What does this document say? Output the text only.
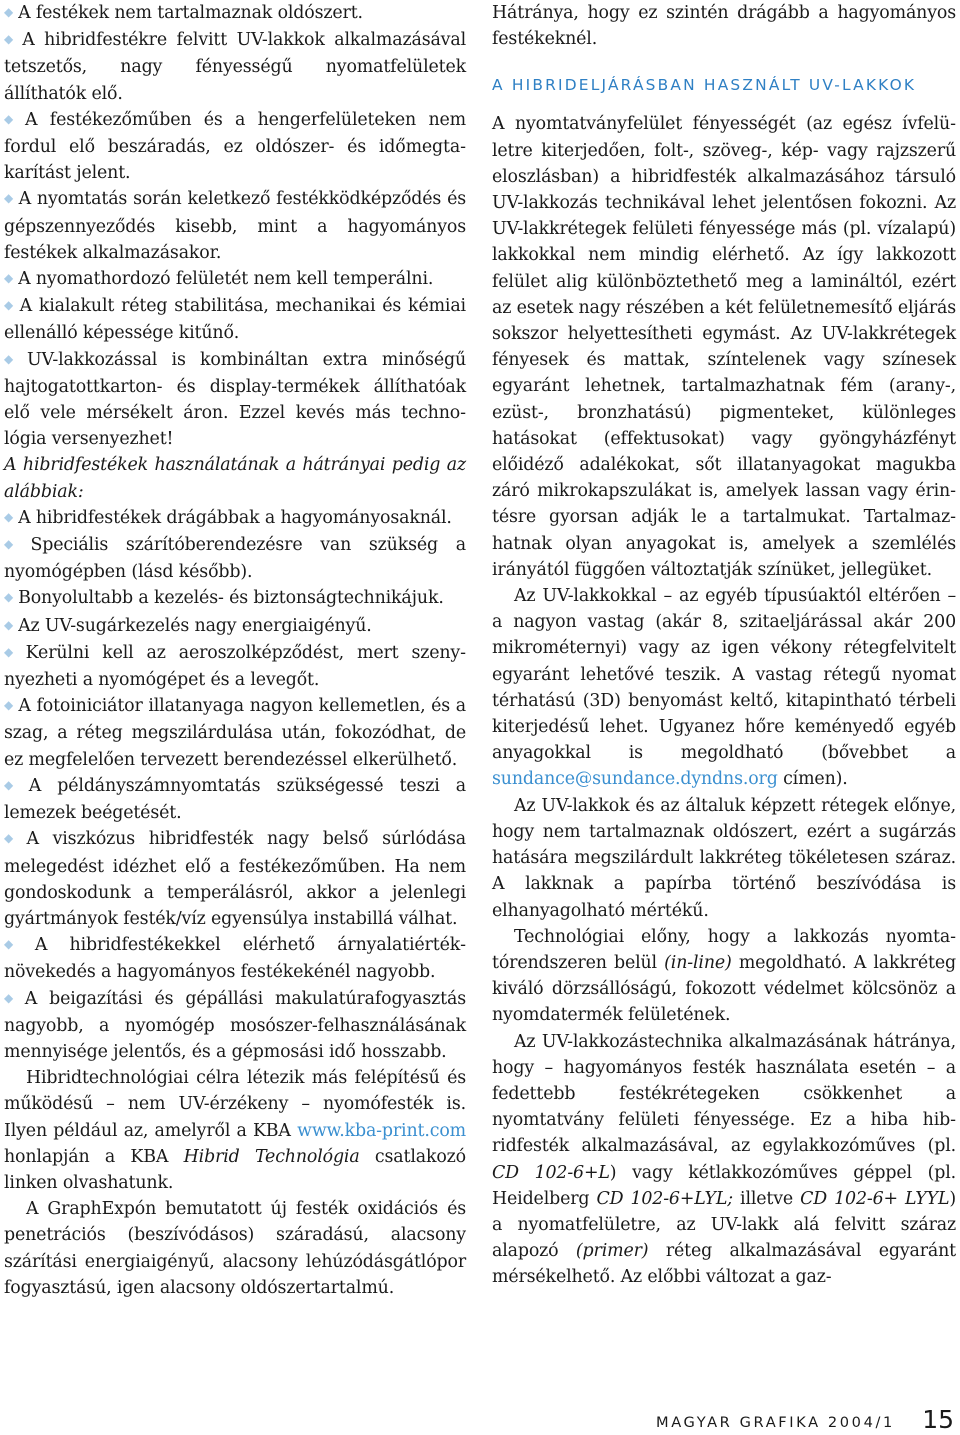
◆ A festékek nem tartalmaznak oldószert.

◆ A hibridfestékre felvitt UV-lakkok alkalmazásával tetszetős, nagy fényességű nyomatfelületek állíthatók elő.

◆ A festékezőműben és a hengerfelületeken nem fordul elő beszáradás, ez oldószer- és időmegtakarítást jelent.

◆ A nyomtatás során keletkező festékködképződés és gépszennyeződés kisebb, mint a hagyományos festékek alkalmazásakor.

◆ A nyomathordozó felületét nem kell temperálni.

◆ A kialakult réteg stabilitása, mechanikai és kémiai ellenálló képessége kitűnő.

◆ UV-lakkozással is kombináltan extra minőségű hajtogatottkarton- és display-termékek állíthatóak elő vele mérsékelt áron. Ezzel kevés más technológia versenyezhet!

A hibridfestékek használatának a hátrányai pedig az alábbiak:

◆ A hibridfestékek drágábbak a hagyományosaknál.

◆ Speciális szárítóberendezésre van szükség a nyomógépben (lásd később).

◆ Bonyolultabb a kezelés- és biztonságtechnikájuk.

◆ Az UV-sugárkezelés nagy energiaigényű.

◆ Kerülni kell az aeroszolképződést, mert szenynyezheti a nyomógépet és a levegőt.

◆ A fotoiniciátor illatanyaga nagyon kellemetlen, és a szag, a réteg megszilárdulása után, fokozódhat, de ez megfelelően tervezett berendezéssel elkerülhető.

◆ A példányszámnyomtatás szükségessé teszi a lemezek beégetését.

◆ A viszkózus hibridfesték nagy belső súrlódása melegedést idézhet elő a festékezőműben. Ha nem gondoskodunk a temperálásról, akkor a jelenlegi gyártmányok festék/víz egyensúlya instabillá válhat.

◆ A hibridfestékekkel elérhető árnyalatiértéknövekedés a hagyományos festékekénél nagyobb.

◆ A beigazítási és gépállási makulatúrafogyasztás nagyobb, a nyomógép mosószer-felhasználásának mennyisége jelentős, és a gépmosási idő hosszabb.

Hibridtechnológiai célra létezik más felépítésű és működésű – nem UV-érzékeny – nyomófesték is. Ilyen például az, amelyről a KBA www.kba-print.com honlapján a KBA Hibrid Technológia csatlakozó linken olvashatunk.

A GraphExpón bemutatott új festék oxidációs és penetrációs (beszívódásos) száradású, alacsony szárítási energiaigényű, alacsony lehúzódásgátlópor fogyasztású, igen alacsony oldószertartalmú.

Hátránya, hogy ez szintén drágább a hagyományos festékeknél.

A HIBRIDELJÁRÁSBAN HASZNÁLT UV-LAKKOK

A nyomtatványfelület fényességét (az egész ívfelületre kiterjedően, folt-, szöveg-, kép- vagy rajzszerű eloszlásban) a hibridfesték alkalmazásához társuló UV-lakkozás technikával lehet jelentősen fokozni. Az UV-lakkrétegek felületi fényessége más (pl. vízalapú) lakkokkal nem mindig elérhető. Az így lakkozott felület alig különböztethető meg a lamináltól, ezért az esetek nagy részében a két felületnemesítő eljárás sokszor helyettesítheti egymást. Az UV-lakkrétegek fényesek és mattak, színtelenek vagy színesek egyaránt lehetnek, tartalmazhatnak fém (arany-, ezüst-, bronzhatású) pigmenteket, különleges hatásokat (effektusokat) vagy gyöngyházfényt előidéző adalékokat, sőt illatanyagokat magukba záró mikrokapszulákat is, amelyek lassan vagy érintésre gyorsan adják le a tartalmukat. Tartalmazhatnak olyan anyagokat is, amelyek a szemlélés irányától függően változtatják színüket, jellegüket.

Az UV-lakkokkal – az egyéb típusúaktól eltérően – a nagyon vastag (akár 8, szitaeljárással akár 200 mikrométernyi) vagy az igen vékony rétegfelvitelt egyaránt lehetővé teszik. A vastag rétegű nyomat térhatású (3D) benyomást keltő, kitapintható térbeli kiterjedésű lehet. Ugyanez hőre keményedő egyéb anyagokkal is megoldható (bővebbet a sundance@sundance.dyndns.org címen).

Az UV-lakkok és az általuk képzett rétegek előnye, hogy nem tartalmaznak oldószert, ezért a sugárzás hatására megszilárdult lakkréteg tökéletesen száraz. A lakknak a papírba történő beszívódása is elhanyagolható mértékű.

Technológiai előny, hogy a lakkozás nyomtatórendszeren belül (in-line) megoldható. A lakkréteg kiváló dörzsállóságú, fokozott védelmet kölcsönöz a nyomdatermék felületének.

Az UV-lakkozástechnika alkalmazásának hátránya, hogy – hagyományos festék használata esetén – a fedettebb festékrétegeken csökkenhet a nyomtatvány felületi fényessége. Ez a hiba hibridfesték alkalmazásával, az egylakkozóműves (pl. CD 102-6+L) vagy kétlakkozóműves géppel (pl. Heidelberg CD 102-6+LYL; illetve CD 102-6+ LYYL) a nyomatfelületre, az UV-lakk alá felvitt száraz alapozó (primer) réteg alkalmazásával egyaránt mérsékelhető. Az előbbi változat a gaz-

MAGYAR GRAFIKA 2004/1 15
